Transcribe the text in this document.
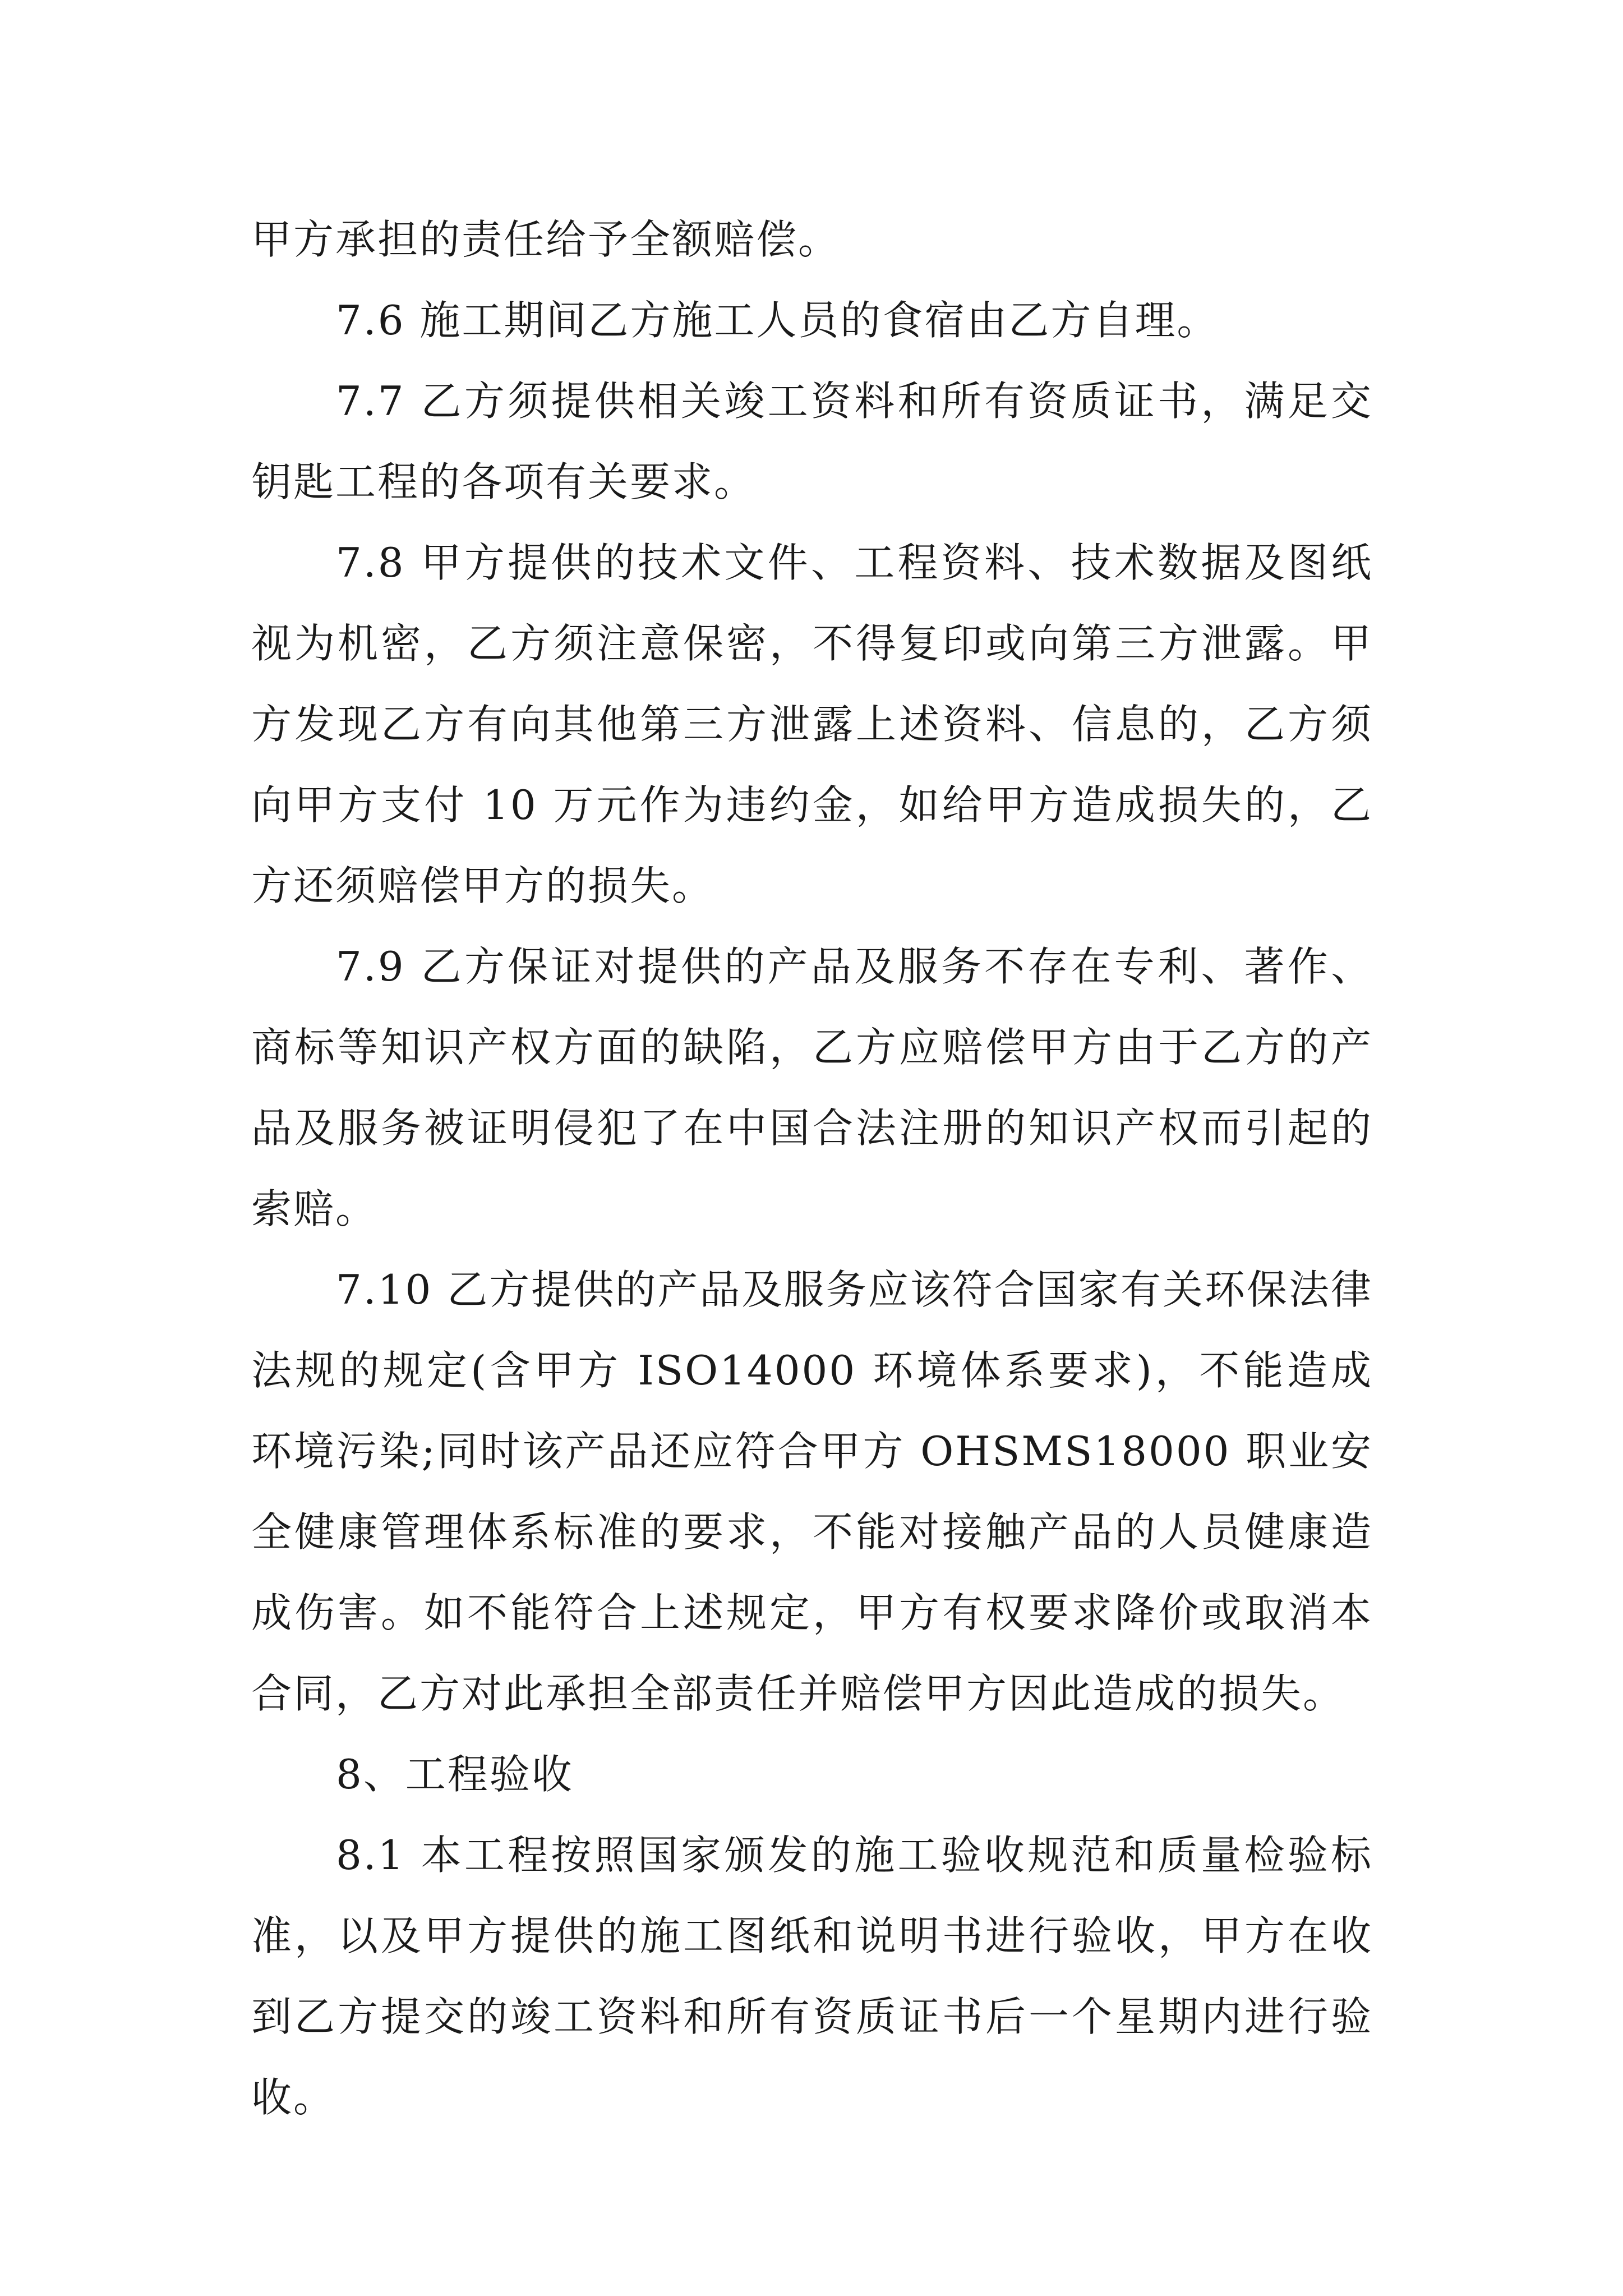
甲方承担的责任给予全额赔偿。

7.6 施工期间乙方施工人员的食宿由乙方自理。

7.7 乙方须提供相关竣工资料和所有资质证书，满足交钥匙工程的各项有关要求。

7.8 甲方提供的技术文件、工程资料、技术数据及图纸视为机密，乙方须注意保密，不得复印或向第三方泄露。甲方发现乙方有向其他第三方泄露上述资料、信息的，乙方须向甲方支付 10 万元作为违约金，如给甲方造成损失的，乙方还须赔偿甲方的损失。

7.9 乙方保证对提供的产品及服务不存在专利、著作、商标等知识产权方面的缺陷，乙方应赔偿甲方由于乙方的产品及服务被证明侵犯了在中国合法注册的知识产权而引起的索赔。

7.10 乙方提供的产品及服务应该符合国家有关环保法律法规的规定(含甲方 ISO14000 环境体系要求)，不能造成环境污染;同时该产品还应符合甲方 OHSMS18000 职业安全健康管理体系标准的要求，不能对接触产品的人员健康造成伤害。如不能符合上述规定，甲方有权要求降价或取消本合同，乙方对此承担全部责任并赔偿甲方因此造成的损失。

8、工程验收

8.1 本工程按照国家颁发的施工验收规范和质量检验标准，以及甲方提供的施工图纸和说明书进行验收，甲方在收到乙方提交的竣工资料和所有资质证书后一个星期内进行验收。
